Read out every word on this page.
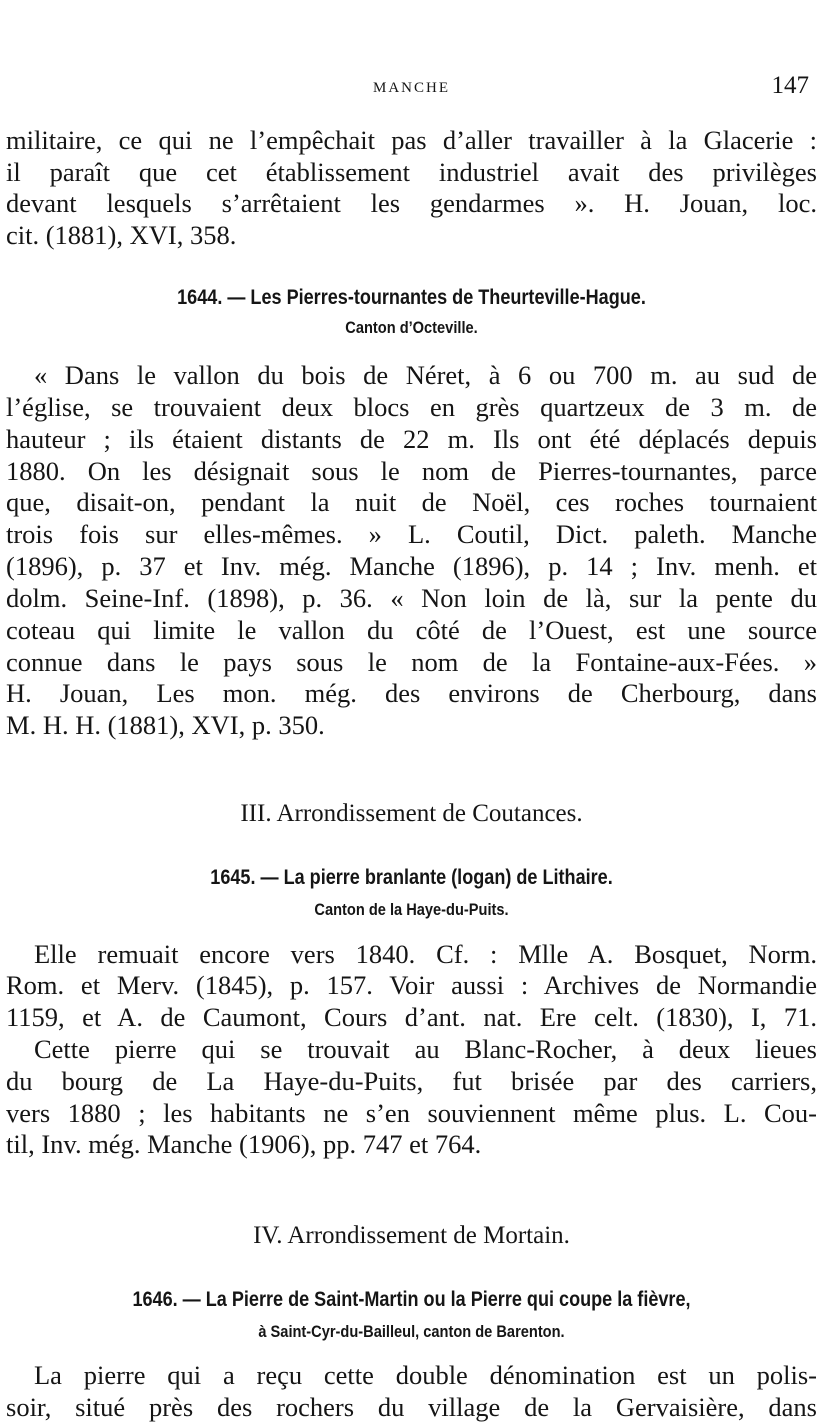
MANCHE	147
militaire, ce qui ne l’empêchait pas d’aller travailler à la Glacerie :
il paraît que cet établissement industriel avait des privilèges
devant lesquels s’arrêtaient les gendarmes ». H. Jouan, loc.
cit. (1881), XVI, 358.
1644. — Les Pierres-tournantes de Theurteville-Hague.
Canton d’Octeville.
« Dans le vallon du bois de Néret, à 6 ou 700 m. au sud de
l’église, se trouvaient deux blocs en grès quartzeux de 3 m. de
hauteur ; ils étaient distants de 22 m. Ils ont été déplacés depuis
1880. On les désignait sous le nom de Pierres-tournantes, parce
que, disait-on, pendant la nuit de Noël, ces roches tournaient
trois fois sur elles-mêmes. » L. Coutil, Dict. paleth. Manche
(1896), p. 37 et Inv. még. Manche (1896), p. 14 ; Inv. menh. et
dolm. Seine-Inf. (1898), p. 36. « Non loin de là, sur la pente du
coteau qui limite le vallon du côté de l’Ouest, est une source
connue dans le pays sous le nom de la Fontaine-aux-Fées. »
H. Jouan, Les mon. még. des environs de Cherbourg, dans
M. H. H. (1881), XVI, p. 350.
III. Arrondissement de Coutances.
1645. — La pierre branlante (logan) de Lithaire.
Canton de la Haye-du-Puits.
Elle remuait encore vers 1840. Cf. : Mlle A. Bosquet, Norm.
Rom. et Merv. (1845), p. 157. Voir aussi : Archives de Normandie
1159, et A. de Caumont, Cours d’ant. nat. Ere celt. (1830), I, 71.
Cette pierre qui se trouvait au Blanc-Rocher, à deux lieues
du bourg de La Haye-du-Puits, fut brisée par des carriers,
vers 1880 ; les habitants ne s’en souviennent même plus. L. Cou-
til, Inv. még. Manche (1906), pp. 747 et 764.
IV. Arrondissement de Mortain.
1646. — La Pierre de Saint-Martin ou la Pierre qui coupe la fièvre,
à Saint-Cyr-du-Bailleul, canton de Barenton.
La pierre qui a reçu cette double dénomination est un polis-
soir, situé près des rochers du village de la Gervaisière, dans
